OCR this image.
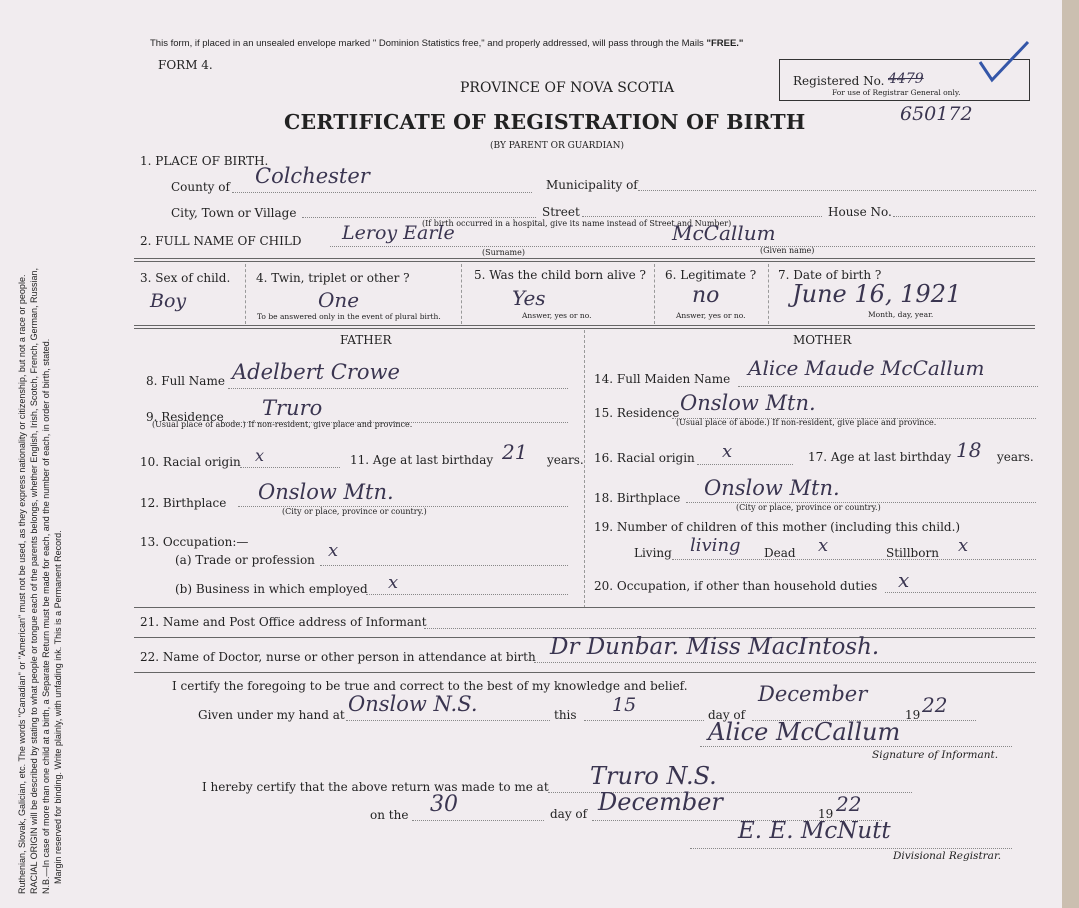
Ruthenian, Slovak, Galician, etc. The words "Canadian" or "American" must not be used, as they express nationality or citizenship, but not a race or people. RACIAL ORIGIN will be described by stating to what people or tongue each of the parents belongs, whether English, Irish, Scotch, French, German, Russian, N.B.—In case of more than one child at a birth, a Separate Return must be made for each, and the number of each, in order of birth, stated. Margin reserved for binding. Write plainly, with unfading ink. This is a Permanent Record.
This form, if placed in an unsealed envelope marked " Dominion Statistics free," and properly addressed, will pass through the Mails "FREE."
FORM 4.
PROVINCE OF NOVA SCOTIA	Registered No. 4479
For use of Registrar General only.
CERTIFICATE OF REGISTRATION OF BIRTH	650172
(BY PARENT OR GUARDIAN)
1. PLACE OF BIRTH.
County of Colchester	Municipality of
City, Town or Village	Street	House No.
(If birth occurred in a hospital, give its name instead of Street and Number)
2. FULL NAME OF CHILD Leroy Earle	McCallum
(Surname)	(Given name)
3. Sex of child.
Boy
4. Twin, triplet or other ?
One
To be answered only in the event of plural birth.
5. Was the child born alive ?
Yes
Answer, yes or no.
6. Legitimate ?
no
Answer, yes or no.
7. Date of birth ?
June 16, 1921
Month, day, year.
FATHER
8. Full Name Adelbert Crowe
9. Residence Truro
(Usual place of abode.) If non-resident, give place and province.
10. Racial origin x	11. Age at last birthday 21 years.
12. Birthplace Onslow Mtn.
(City or place, province or country.)
13. Occupation:—
(a) Trade or profession x
(b) Business in which employed x
MOTHER
14. Full Maiden Name Alice Maude McCallum
15. Residence Onslow Mtn.
(Usual place of abode.) If non-resident, give place and province.
16. Racial origin x	17. Age at last birthday 18 years.
18. Birthplace Onslow Mtn.
(City or place, province or country.)
19. Number of children of this mother (including this child.)
Living living Dead x	Stillborn x
20. Occupation, if other than household duties x
21. Name and Post Office address of Informant
22. Name of Doctor, nurse or other person in attendance at birth Dr Dunbar. Miss MacIntosh.
I certify the foregoing to be true and correct to the best of my knowledge and belief.
Given under my hand at Onslow N.S.	this 15	day of
December
19 22
Alice McCallum
Signature of Informant.
I hereby certify that the above return was made to me at Truro N.S.
on the 30	day of December	19 22
E. E. McNutt
Divisional Registrar.
